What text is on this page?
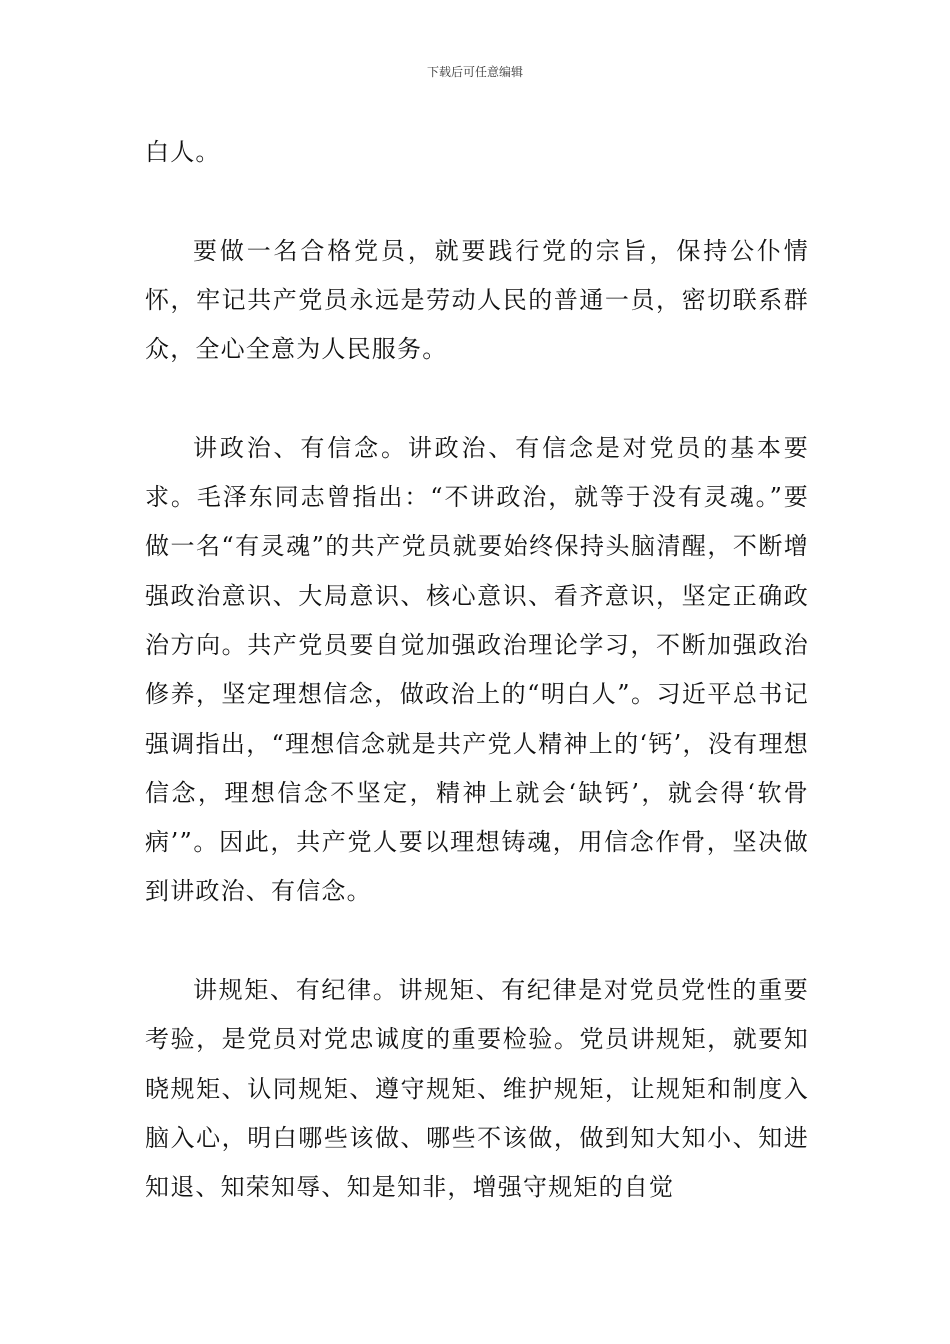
下载后可任意编辑

白人。

要做一名合格党员，就要践行党的宗旨，保持公仆情怀，牢记共产党员永远是劳动人民的普通一员，密切联系群众，全心全意为人民服务。

讲政治、有信念。讲政治、有信念是对党员的基本要求。毛泽东同志曾指出：“不讲政治，就等于没有灵魂。”要做一名“有灵魂”的共产党员就要始终保持头脑清醒，不断增强政治意识、大局意识、核心意识、看齐意识，坚定正确政治方向。共产党员要自觉加强政治理论学习，不断加强政治修养，坚定理想信念，做政治上的“明白人”。习近平总书记强调指出，“理想信念就是共产党人精神上的‘钙’，没有理想信念，理想信念不坚定，精神上就会‘缺钙’，就会得‘软骨病’”。因此，共产党人要以理想铸魂，用信念作骨，坚决做到讲政治、有信念。

讲规矩、有纪律。讲规矩、有纪律是对党员党性的重要考验，是党员对党忠诚度的重要检验。党员讲规矩，就要知晓规矩、认同规矩、遵守规矩、维护规矩，让规矩和制度入脑入心，明白哪些该做、哪些不该做，做到知大知小、知进知退、知荣知辱、知是知非，增强守规矩的自觉
